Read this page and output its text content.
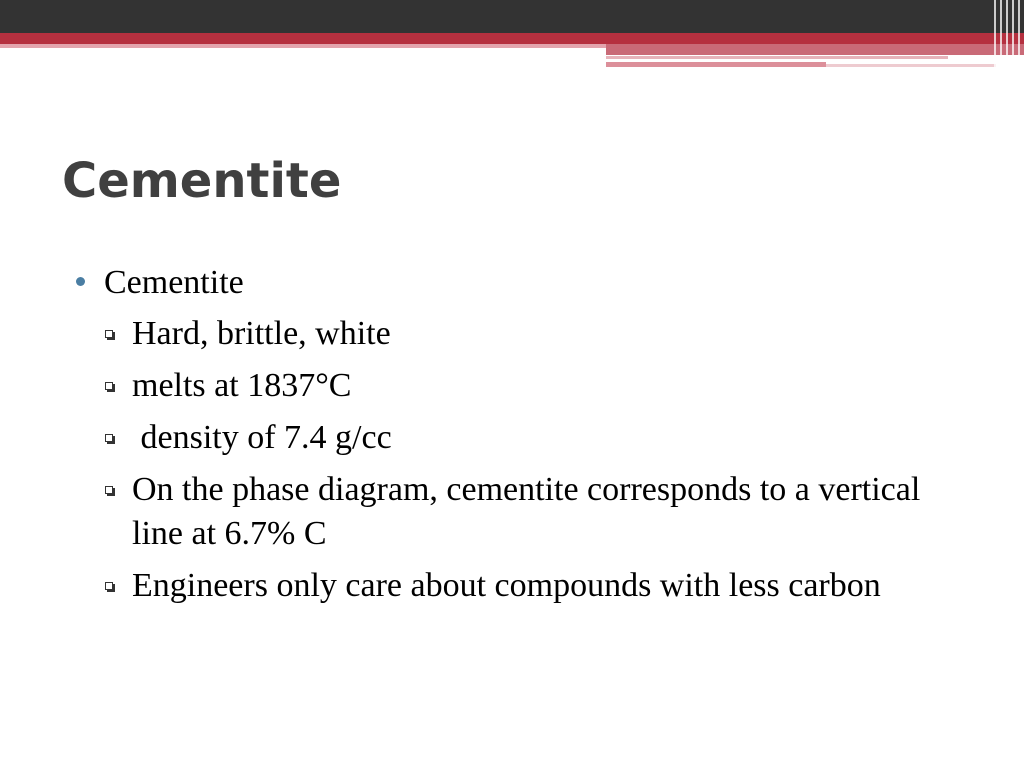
Cementite
Cementite
Hard, brittle, white
melts at 1837°C
density of 7.4 g/cc
On the phase diagram, cementite corresponds to a vertical line at 6.7% C
Engineers only care about compounds with less carbon
